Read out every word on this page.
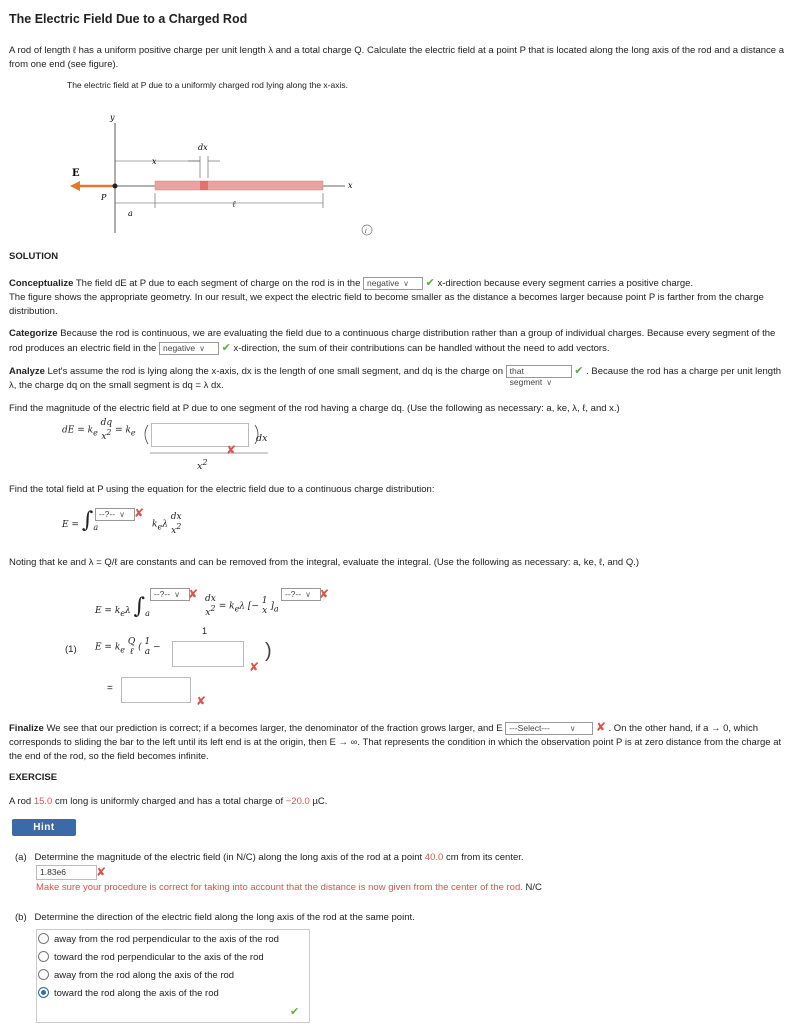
The Electric Field Due to a Charged Rod
A rod of length ℓ has a uniform positive charge per unit length λ and a total charge Q. Calculate the electric field at a point P that is located along the long axis of the rod and a distance a from one end (see figure).
The electric field at P due to a uniformly charged rod lying along the x-axis.
y
x
E
P
a
x
dx
ℓ
i
SOLUTION
Conceptualize The field dE at P due to each segment of charge on the rod is in the negative ∨ ✔ x-direction because every segment carries a positive charge.
The figure shows the appropriate geometry. In our result, we expect the electric field to become smaller as the distance a becomes larger because point P is farther from the charge distribution.
Categorize Because the rod is continuous, we are evaluating the field due to a continuous charge distribution rather than a group of individual charges. Because every segment of the rod produces an electric field in the negative ∨ ✔ x-direction, the sum of their contributions can be handled without the need to add vectors.
Analyze Let's assume the rod is lying along the x-axis, dx is the length of one small segment, and dq is the charge on that segment ∨ ✔ . Because the rod has a charge per unit length λ, the charge dq on the small segment is dq = λ dx.
Find the magnitude of the electric field at P due to one segment of the rod having a charge dq. (Use the following as necessary: a, ke, λ, ℓ, and x.)
dE = $k_e$ dq
$x^2 = k_e$
✘
dx
$x^2$
Find the total field at P using the equation for the electric field due to a continuous charge distribution:
$E = \int_a$
--?-- ∨ ✘
$k_e\lambda$ dx
$x^2$
Noting that ke and λ = Q/ℓ are constants and can be removed from the integral, evaluate the integral. (Use the following as necessary: a, ke, ℓ, and Q.)
$E = k_e\lambda$ $\int_a$
--?-- ∨ ✘ dx
$x^2 = k_e\lambda$ [− 1
x ]$_a$
--?-- ∨ ✘
(1) $E = k_e$ Q
ℓ ( 1
a −
1
)
✘
=
✘
Finalize We see that our prediction is correct; if a becomes larger, the denominator of the fraction grows larger, and E ---Select---	∨ ✘ . On the other hand, if a → 0, which corresponds to sliding the bar to the left until its left end is at the origin, then E → ∞. That represents the condition in which the observation point P is at zero distance from the charge at the end of the rod, so the field becomes infinite.
EXERCISE
A rod 15.0 cm long is uniformly charged and has a total charge of −20.0 µC.
Hint
(a) Determine the magnitude of the electric field (in N/C) along the long axis of the rod at a point 40.0 cm from its center.
1.83e6	✘
Make sure your procedure is correct for taking into account that the distance is now given from the center of the rod. N/C
(b) Determine the direction of the electric field along the long axis of the rod at the same point.
away from the rod perpendicular to the axis of the rod
toward the rod perpendicular to the axis of the rod
away from the rod along the axis of the rod
toward the rod along the axis of the rod
✔
